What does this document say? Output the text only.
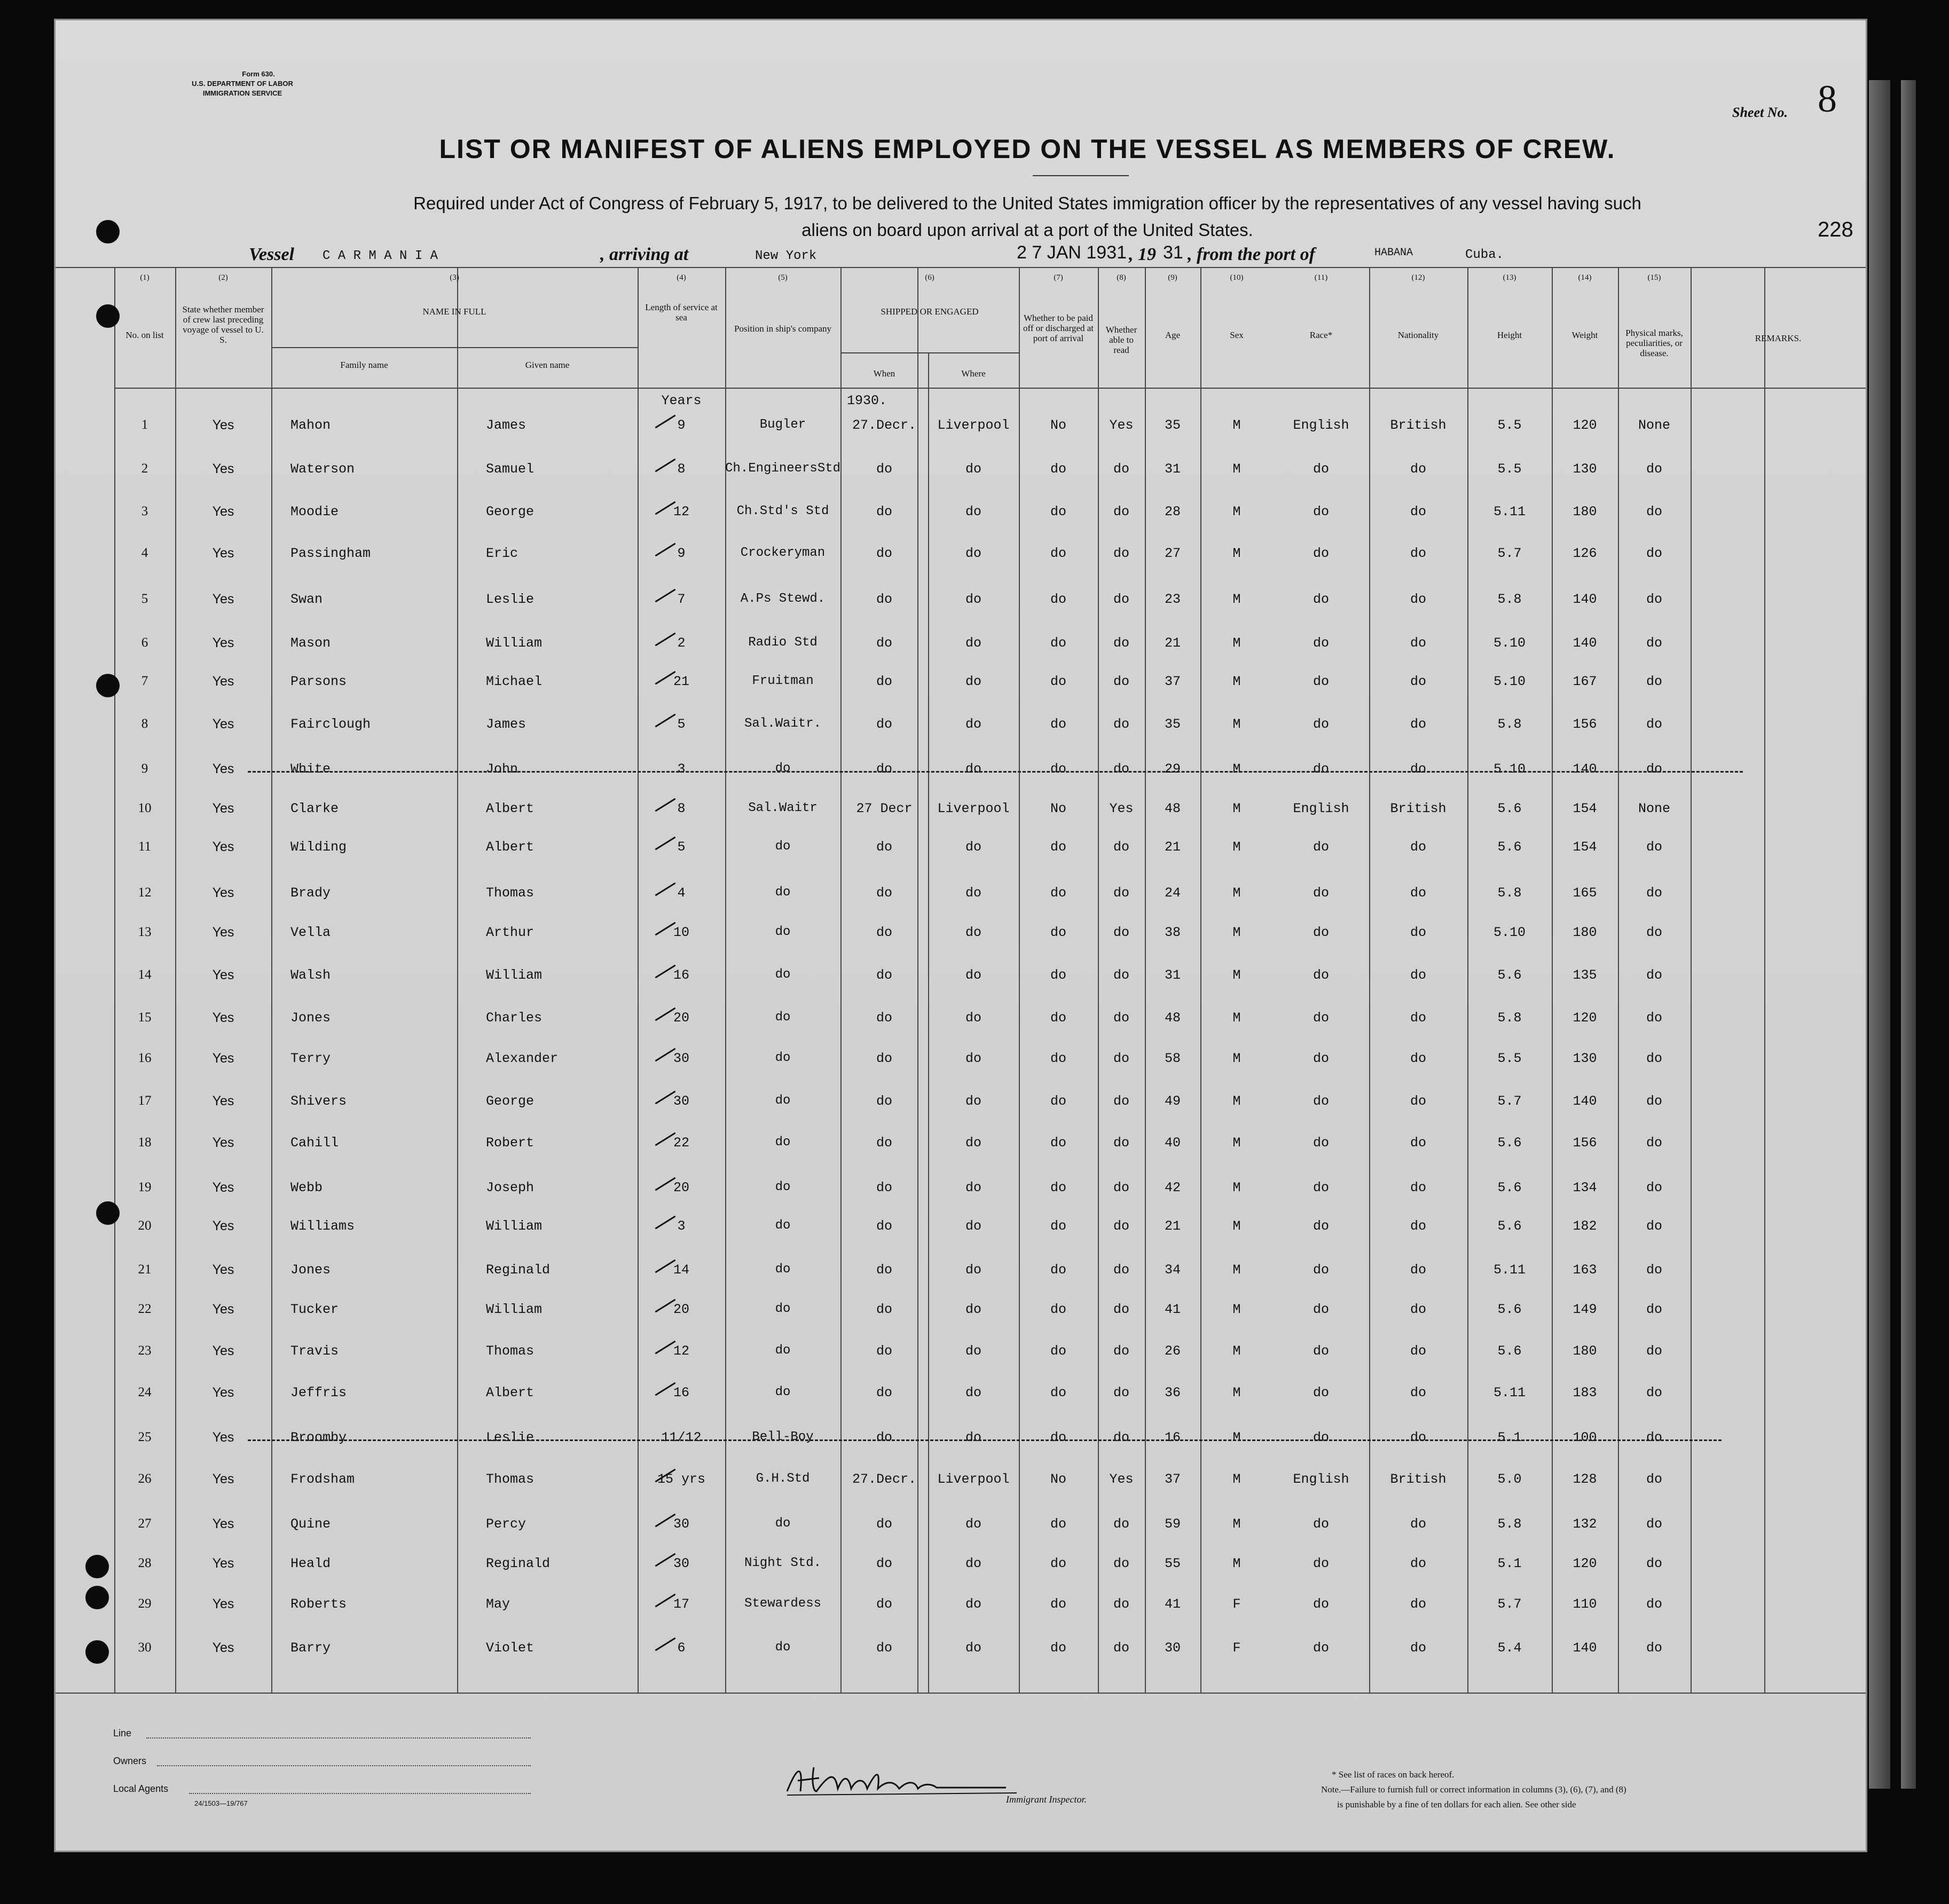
Form 630.
U.S. DEPARTMENT OF LABOR
IMMIGRATION SERVICE
Sheet No. 8
228
LIST OR MANIFEST OF ALIENS EMPLOYED ON THE VESSEL AS MEMBERS OF CREW.
Required under Act of Congress of February 5, 1917, to be delivered to the United States immigration officer by the representatives of any vessel having such
aliens on board upon arrival at a port of the United States.
Vessel C A R M A N I A	, arriving at	New York	2 7 JAN 1931 , 19 31 , from the port of	HABANA	Cuba.
(1)
No. on list
(2)
State whether member of crew last preceding voyage of vessel to U. S.
(3)
NAME IN FULL
(4)
Length of service at sea
(5)
Position in ship's company
(6)
SHIPPED OR ENGAGED
(7)
Whether to be paid off or discharged at port of arrival
(8)
Whether able to read
(9)
Age
(10)
Sex
(11)
Race*
(12)
Nationality
(13)
Height
(14)
Weight
(15)
Physical marks, peculiarities, or disease.
Family name	Given name
When	Where
REMARKS.
Years	1930.
1	Yes	Mahon	James	9	Bugler	27.Decr.	Liverpool	No	Yes	35	M	English	British	5.5	120	None
2	Yes	Waterson	Samuel	8	Ch.EngineersStd	do	do	do	do	31	M	do	do	5.5	130	do
3	Yes	Moodie	George	12	Ch.Std's Std	do	do	do	do	28	M	do	do	5.11	180	do
4	Yes	Passingham	Eric	9	Crockeryman	do	do	do	do	27	M	do	do	5.7	126	do
5	Yes	Swan	Leslie	7	A.Ps Stewd.	do	do	do	do	23	M	do	do	5.8	140	do
6	Yes	Mason	William	2	Radio Std	do	do	do	do	21	M	do	do	5.10	140	do
7	Yes	Parsons	Michael	21	Fruitman	do	do	do	do	37	M	do	do	5.10	167	do
8	Yes	Fairclough	James	5	Sal.Waitr.	do	do	do	do	35	M	do	do	5.8	156	do
9	Yes	White	John	3	do	do	do	do	do	29	M	do	do	5.10	140	do
10	Yes	Clarke	Albert	8	Sal.Waitr	27 Decr	Liverpool	No	Yes	48	M	English	British	5.6	154	None
11	Yes	Wilding	Albert	5	do	do	do	do	do	21	M	do	do	5.6	154	do
12	Yes	Brady	Thomas	4	do	do	do	do	do	24	M	do	do	5.8	165	do
13	Yes	Vella	Arthur	10	do	do	do	do	do	38	M	do	do	5.10	180	do
14	Yes	Walsh	William	16	do	do	do	do	do	31	M	do	do	5.6	135	do
15	Yes	Jones	Charles	20	do	do	do	do	do	48	M	do	do	5.8	120	do
16	Yes	Terry	Alexander	30	do	do	do	do	do	58	M	do	do	5.5	130	do
17	Yes	Shivers	George	30	do	do	do	do	do	49	M	do	do	5.7	140	do
18	Yes	Cahill	Robert	22	do	do	do	do	do	40	M	do	do	5.6	156	do
19	Yes	Webb	Joseph	20	do	do	do	do	do	42	M	do	do	5.6	134	do
20	Yes	Williams	William	3	do	do	do	do	do	21	M	do	do	5.6	182	do
21	Yes	Jones	Reginald	14	do	do	do	do	do	34	M	do	do	5.11	163	do
22	Yes	Tucker	William	20	do	do	do	do	do	41	M	do	do	5.6	149	do
23	Yes	Travis	Thomas	12	do	do	do	do	do	26	M	do	do	5.6	180	do
24	Yes	Jeffris	Albert	16	do	do	do	do	do	36	M	do	do	5.11	183	do
25	Yes	Broomby	Leslie	11/12	Bell-Boy	do	do	do	do	16	M	do	do	5.1	100	do
26	Yes	Frodsham	Thomas	15 yrs	G.H.Std	27.Decr.	Liverpool	No	Yes	37	M	English	British	5.0	128	do
27	Yes	Quine	Percy	30	do	do	do	do	do	59	M	do	do	5.8	132	do
28	Yes	Heald	Reginald	30	Night Std.	do	do	do	do	55	M	do	do	5.1	120	do
29	Yes	Roberts	May	17	Stewardess	do	do	do	do	41	F	do	do	5.7	110	do
30	Yes	Barry	Violet	6	do	do	do	do	do	30	F	do	do	5.4	140	do
Line
Owners
Local Agents
24/1503—19/767	Immigrant Inspector.
* See list of races on back hereof.
Note.—Failure to furnish full or correct information in columns (3), (6), (7), and (8)
is punishable by a fine of ten dollars for each alien. See other side
